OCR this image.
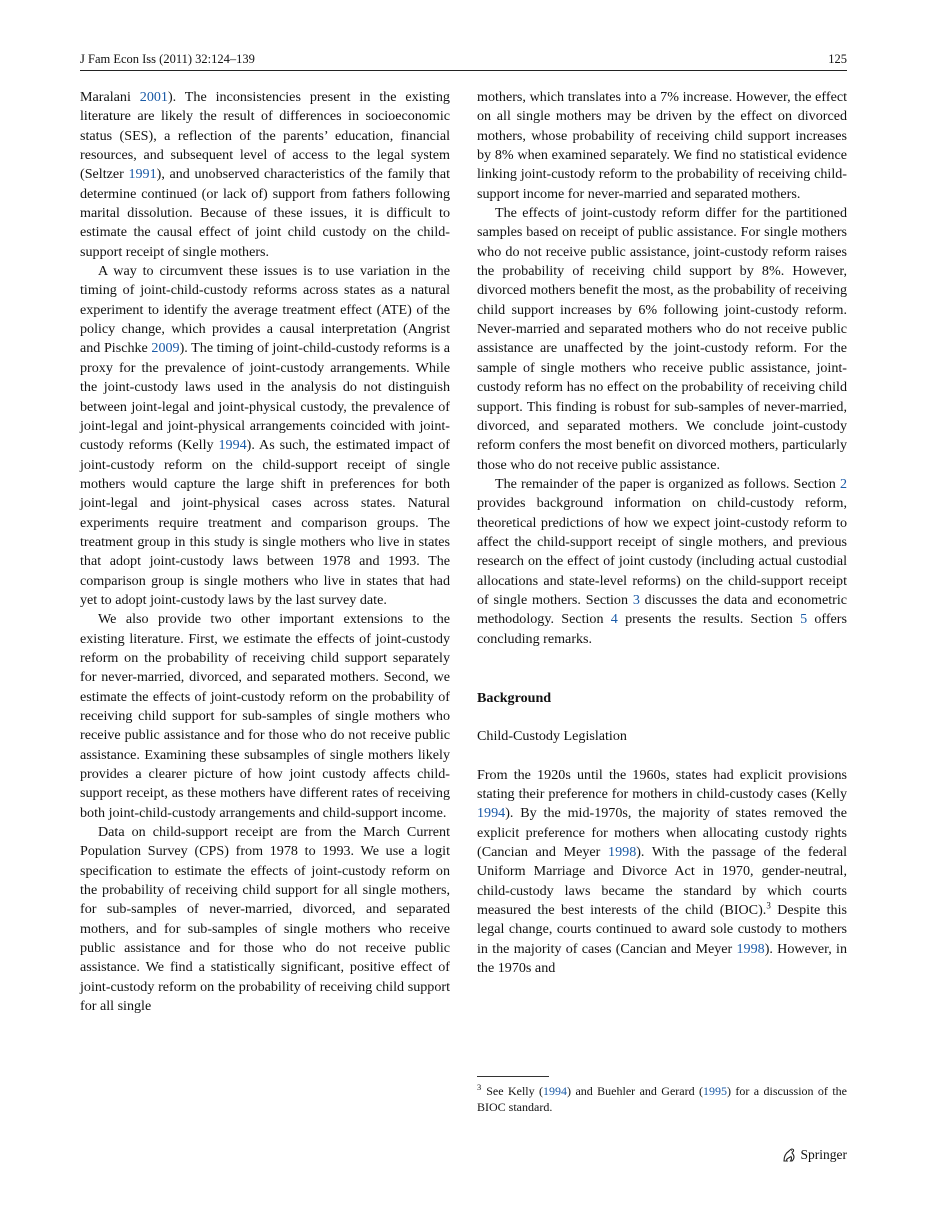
J Fam Econ Iss (2011) 32:124–139	125

Maralani 2001). The inconsistencies present in the existing literature are likely the result of differences in socioeconomic status (SES), a reflection of the parents’ education, financial resources, and subsequent level of access to the legal system (Seltzer 1991), and unobserved characteristics of the family that determine continued (or lack of) support from fathers following marital dissolution. Because of these issues, it is difficult to estimate the causal effect of joint child custody on the child-support receipt of single mothers.

A way to circumvent these issues is to use variation in the timing of joint-child-custody reforms across states as a natural experiment to identify the average treatment effect (ATE) of the policy change, which provides a causal interpretation (Angrist and Pischke 2009). The timing of joint-child-custody reforms is a proxy for the prevalence of joint-custody arrangements. While the joint-custody laws used in the analysis do not distinguish between joint-legal and joint-physical custody, the prevalence of joint-legal and joint-physical arrangements coincided with joint-custody reforms (Kelly 1994). As such, the estimated impact of joint-custody reform on the child-support receipt of single mothers would capture the large shift in preferences for both joint-legal and joint-physical cases across states. Natural experiments require treatment and comparison groups. The treatment group in this study is single mothers who live in states that adopt joint-custody laws between 1978 and 1993. The comparison group is single mothers who live in states that had yet to adopt joint-custody laws by the last survey date.

We also provide two other important extensions to the existing literature. First, we estimate the effects of joint-custody reform on the probability of receiving child support separately for never-married, divorced, and separated mothers. Second, we estimate the effects of joint-custody reform on the probability of receiving child support for sub-samples of single mothers who receive public assistance and for those who do not receive public assistance. Examining these subsamples of single mothers likely provides a clearer picture of how joint custody affects child-support receipt, as these mothers have different rates of receiving both joint-child-custody arrangements and child-support income.

Data on child-support receipt are from the March Current Population Survey (CPS) from 1978 to 1993. We use a logit specification to estimate the effects of joint-custody reform on the probability of receiving child support for all single mothers, for sub-samples of never-married, divorced, and separated mothers, and for sub-samples of single mothers who receive public assistance and for those who do not receive public assistance. We find a statistically significant, positive effect of joint-custody reform on the probability of receiving child support for all single

mothers, which translates into a 7% increase. However, the effect on all single mothers may be driven by the effect on divorced mothers, whose probability of receiving child support increases by 8% when examined separately. We find no statistical evidence linking joint-custody reform to the probability of receiving child-support income for never-married and separated mothers.

The effects of joint-custody reform differ for the partitioned samples based on receipt of public assistance. For single mothers who do not receive public assistance, joint-custody reform raises the probability of receiving child support by 8%. However, divorced mothers benefit the most, as the probability of receiving child support increases by 6% following joint-custody reform. Never-married and separated mothers who do not receive public assistance are unaffected by the joint-custody reform. For the sample of single mothers who receive public assistance, joint-custody reform has no effect on the probability of receiving child support. This finding is robust for sub-samples of never-married, divorced, and separated mothers. We conclude joint-custody reform confers the most benefit on divorced mothers, particularly those who do not receive public assistance.

The remainder of the paper is organized as follows. Section 2 provides background information on child-custody reform, theoretical predictions of how we expect joint-custody reform to affect the child-support receipt of single mothers, and previous research on the effect of joint custody (including actual custodial allocations and state-level reforms) on the child-support receipt of single mothers. Section 3 discusses the data and econometric methodology. Section 4 presents the results. Section 5 offers concluding remarks.

Background

Child-Custody Legislation

From the 1920s until the 1960s, states had explicit provisions stating their preference for mothers in child-custody cases (Kelly 1994). By the mid-1970s, the majority of states removed the explicit preference for mothers when allocating custody rights (Cancian and Meyer 1998). With the passage of the federal Uniform Marriage and Divorce Act in 1970, gender-neutral, child-custody laws became the standard by which courts measured the best interests of the child (BIOC).$^3$ Despite this legal change, courts continued to award sole custody to mothers in the majority of cases (Cancian and Meyer 1998). However, in the 1970s and

$^3$ See Kelly (1994) and Buehler and Gerard (1995) for a discussion of the BIOC standard.
Springer
